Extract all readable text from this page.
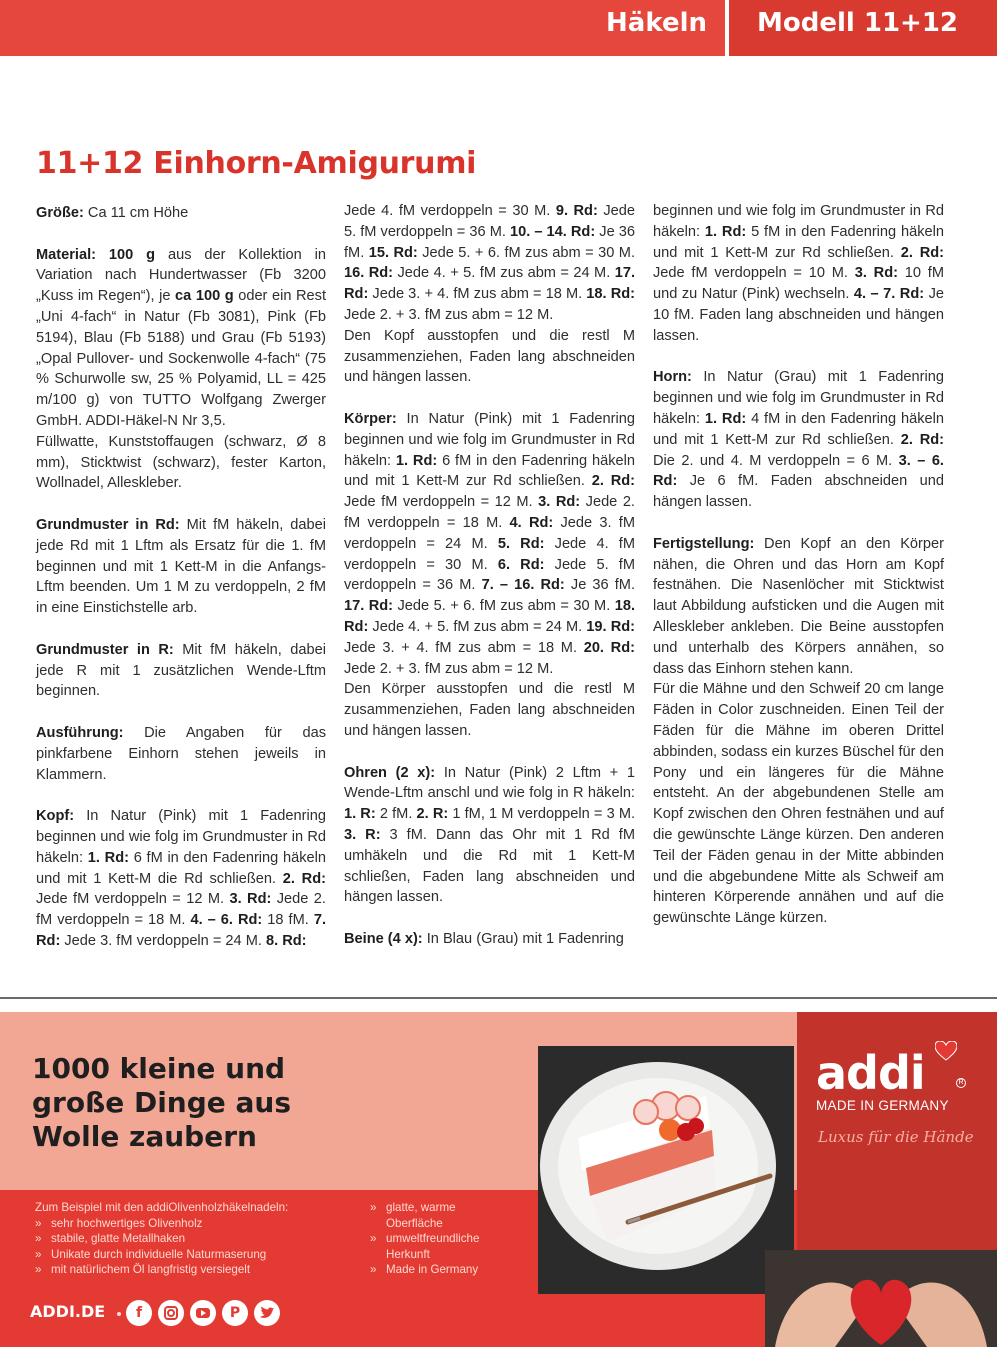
Häkeln Modell 11+12
11+12 Einhorn-Amigurumi

Größe: Ca 11 cm Höhe

Material: 100 g aus der Kollektion in Variation nach Hundertwasser (Fb 3200 „Kuss im Regen“), je ca 100 g oder ein Rest „Uni 4-fach“ in Natur (Fb 3081), Pink (Fb 5194), Blau (Fb 5188) und Grau (Fb 5193) „Opal Pullover- und Sockenwolle 4-fach“ (75 % Schurwolle sw, 25 % Polyamid, LL = 425 m/100 g) von TUTTO Wolfgang Zwerger GmbH. ADDI-Häkel-N Nr 3,5.

Füllwatte, Kunststoffaugen (schwarz, Ø 8 mm), Sticktwist (schwarz), fester Karton, Wollnadel, Alleskleber.

Grundmuster in Rd: Mit fM häkeln, dabei jede Rd mit 1 Lftm als Ersatz für die 1. fM beginnen und mit 1 Kett-M in die Anfangs-Lftm beenden. Um 1 M zu verdoppeln, 2 fM in eine Einstichstelle arb.

Grundmuster in R: Mit fM häkeln, dabei jede R mit 1 zusätzlichen Wende-Lftm beginnen.

Ausführung: Die Angaben für das pinkfarbene Einhorn stehen jeweils in Klammern.

Kopf: In Natur (Pink) mit 1 Fadenring beginnen und wie folg im Grundmuster in Rd häkeln: 1. Rd: 6 fM in den Fadenring häkeln und mit 1 Kett-M die Rd schließen. 2. Rd: Jede fM verdoppeln = 12 M. 3. Rd: Jede 2. fM verdoppeln = 18 M. 4. – 6. Rd: 18 fM. 7. Rd: Jede 3. fM verdoppeln = 24 M. 8. Rd:

Jede 4. fM verdoppeln = 30 M. 9. Rd: Jede 5. fM verdoppeln = 36 M. 10. – 14. Rd: Je 36 fM. 15. Rd: Jede 5. + 6. fM zus abm = 30 M. 16. Rd: Jede 4. + 5. fM zus abm = 24 M. 17. Rd: Jede 3. + 4. fM zus abm = 18 M. 18. Rd: Jede 2. + 3. fM zus abm = 12 M.

Den Kopf ausstopfen und die restl M zusammenziehen, Faden lang abschneiden und hängen lassen.

Körper: In Natur (Pink) mit 1 Fadenring beginnen und wie folg im Grundmuster in Rd häkeln: 1. Rd: 6 fM in den Fadenring häkeln und mit 1 Kett-M zur Rd schließen. 2. Rd: Jede fM verdoppeln = 12 M. 3. Rd: Jede 2. fM verdoppeln = 18 M. 4. Rd: Jede 3. fM verdoppeln = 24 M. 5. Rd: Jede 4. fM verdoppeln = 30 M. 6. Rd: Jede 5. fM verdoppeln = 36 M. 7. – 16. Rd: Je 36 fM. 17. Rd: Jede 5. + 6. fM zus abm = 30 M. 18. Rd: Jede 4. + 5. fM zus abm = 24 M. 19. Rd: Jede 3. + 4. fM zus abm = 18 M. 20. Rd: Jede 2. + 3. fM zus abm = 12 M.

Den Körper ausstopfen und die restl M zusammenziehen, Faden lang abschneiden und hängen lassen.

Ohren (2 x): In Natur (Pink) 2 Lftm + 1 Wende-Lftm anschl und wie folg in R häkeln: 1. R: 2 fM. 2. R: 1 fM, 1 M verdoppeln = 3 M. 3. R: 3 fM. Dann das Ohr mit 1 Rd fM umhäkeln und die Rd mit 1 Kett-M schließen, Faden lang abschneiden und hängen lassen.

Beine (4 x): In Blau (Grau) mit 1 Fadenring

beginnen und wie folg im Grundmuster in Rd häkeln: 1. Rd: 5 fM in den Fadenring häkeln und mit 1 Kett-M zur Rd schließen. 2. Rd: Jede fM verdoppeln = 10 M. 3. Rd: 10 fM und zu Natur (Pink) wechseln. 4. – 7. Rd: Je 10 fM. Faden lang abschneiden und hängen lassen.

Horn: In Natur (Grau) mit 1 Fadenring beginnen und wie folg im Grundmuster in Rd häkeln: 1. Rd: 4 fM in den Fadenring häkeln und mit 1 Kett-M zur Rd schließen. 2. Rd: Die 2. und 4. M verdoppeln = 6 M. 3. – 6. Rd: Je 6 fM. Faden abschneiden und hängen lassen.

Fertigstellung: Den Kopf an den Körper nähen, die Ohren und das Horn am Kopf festnähen. Die Nasenlöcher mit Sticktwist laut Abbildung aufsticken und die Augen mit Alleskleber ankleben. Die Beine ausstopfen und unterhalb des Körpers annähen, so dass das Einhorn stehen kann.

Für die Mähne und den Schweif 20 cm lange Fäden in Color zuschneiden. Einen Teil der Fäden für die Mähne im oberen Drittel abbinden, sodass ein kurzes Büschel für den Pony und ein längeres für die Mähne entsteht. An der abgebundenen Stelle am Kopf zwischen den Ohren festnähen und auf die gewünschte Länge kürzen. Den anderen Teil der Fäden genau in der Mitte abbinden und die abgebundene Mitte als Schweif am hinteren Körperende annähen und auf die gewünschte Länge kürzen.

1000 kleine und
große Dinge aus
Wolle zaubern
addi	R
MADE IN GERMANY
Luxus für die Hände
Zum Beispiel mit den addiOlivenholzhäkelnadeln:
» sehr hochwertiges Olivenholz
» stabile, glatte Metallhaken
» Unikate durch individuelle Naturmaserung
» mit natürlichem Öl langfristig versiegelt
» glatte, warme
Oberfläche
» umweltfreundliche
Herkunft
» Made in Germany
ADDI.DE	f	P
